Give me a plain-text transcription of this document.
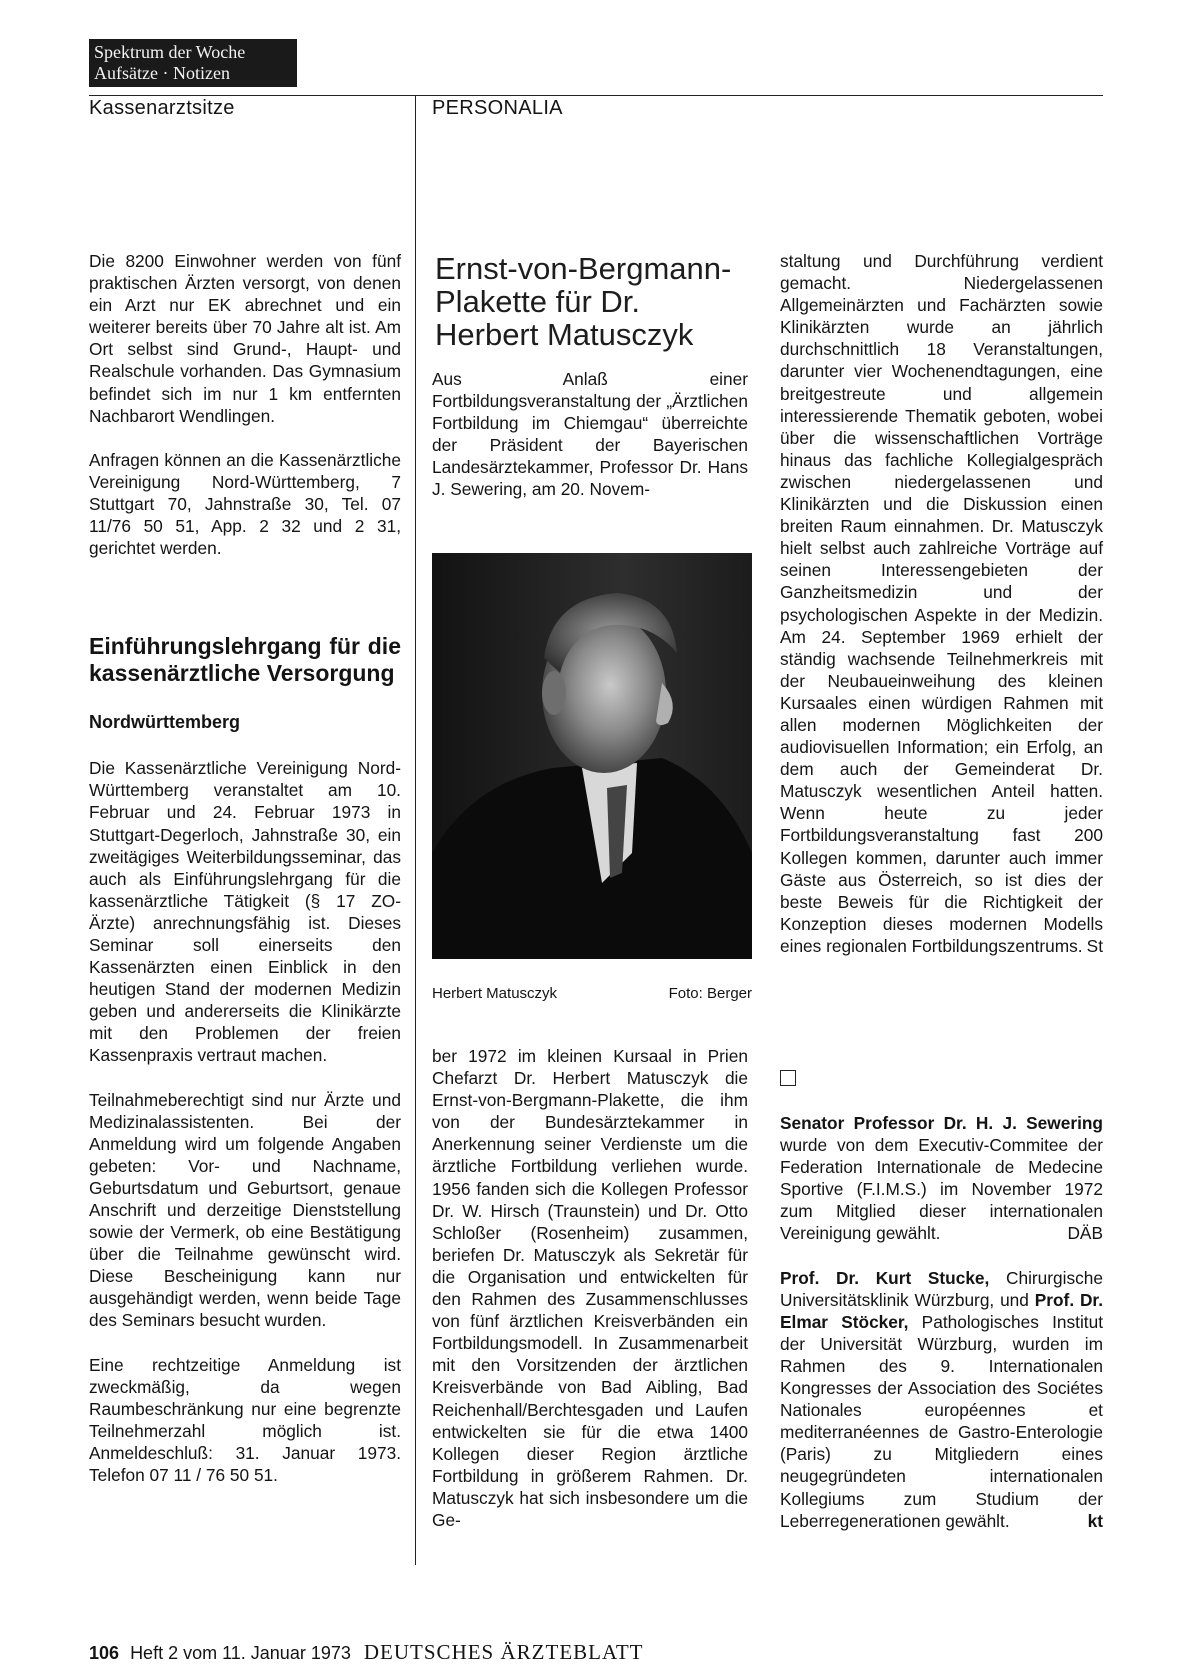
Spektrum der Woche
Aufsätze · Notizen
Kassenarztsitze	PERSONALIA

Die 8200 Einwohner werden von fünf praktischen Ärzten versorgt, von denen ein Arzt nur EK abrechnet und ein weiterer bereits über 70 Jahre alt ist. Am Ort selbst sind Grund-, Haupt- und Realschule vorhanden. Das Gymnasium befindet sich im nur 1 km entfernten Nachbarort Wendlingen.

Anfragen können an die Kassenärztliche Vereinigung Nord-Württemberg, 7 Stuttgart 70, Jahnstraße 30, Tel. 07 11/76 50 51, App. 2 32 und 2 31, gerichtet werden.

Einführungslehrgang für die kassenärztliche Versorgung
Nordwürttemberg

Die Kassenärztliche Vereinigung Nord-Württemberg veranstaltet am 10. Februar und 24. Februar 1973 in Stuttgart-Degerloch, Jahnstraße 30, ein zweitägiges Weiterbildungsseminar, das auch als Einführungslehrgang für die kassenärztliche Tätigkeit (§ 17 ZO-Ärzte) anrechnungsfähig ist. Dieses Seminar soll einerseits den Kassenärzten einen Einblick in den heutigen Stand der modernen Medizin geben und andererseits die Klinikärzte mit den Problemen der freien Kassenpraxis vertraut machen.

Teilnahmeberechtigt sind nur Ärzte und Medizinalassistenten. Bei der Anmeldung wird um folgende Angaben gebeten: Vor- und Nachname, Geburtsdatum und Geburtsort, genaue Anschrift und derzeitige Dienststellung sowie der Vermerk, ob eine Bestätigung über die Teilnahme gewünscht wird. Diese Bescheinigung kann nur ausgehändigt werden, wenn beide Tage des Seminars besucht wurden.

Eine rechtzeitige Anmeldung ist zweckmäßig, da wegen Raumbeschränkung nur eine begrenzte Teilnehmerzahl möglich ist. Anmeldeschluß: 31. Januar 1973. Telefon 07 11 / 76 50 51.

Ernst-von-Bergmann-Plakette für Dr. Herbert Matusczyk
Aus Anlaß einer Fortbildungsveranstaltung der „Ärztlichen Fortbildung im Chiemgau“ überreichte der Präsident der Bayerischen Landesärztekammer, Professor Dr. Hans J. Sewering, am 20. Novem-
Herbert Matusczyk	Foto: Berger
ber 1972 im kleinen Kursaal in Prien Chefarzt Dr. Herbert Matusczyk die Ernst-von-Bergmann-Plakette, die ihm von der Bundesärztekammer in Anerkennung seiner Verdienste um die ärztliche Fortbildung verliehen wurde. 1956 fanden sich die Kollegen Professor Dr. W. Hirsch (Traunstein) und Dr. Otto Schloßer (Rosenheim) zusammen, beriefen Dr. Matusczyk als Sekretär für die Organisation und entwickelten für den Rahmen des Zusammenschlusses von fünf ärztlichen Kreisverbänden ein Fortbildungsmodell. In Zusammenarbeit mit den Vorsitzenden der ärztlichen Kreisverbände von Bad Aibling, Bad Reichenhall/Berchtesgaden und Laufen entwickelten sie für die etwa 1400 Kollegen dieser Region ärztliche Fortbildung in größerem Rahmen. Dr. Matusczyk hat sich insbesondere um die Ge-
staltung und Durchführung verdient gemacht. Niedergelassenen Allgemeinärzten und Fachärzten sowie Klinikärzten wurde an jährlich durchschnittlich 18 Veranstaltungen, darunter vier Wochenendtagungen, eine breitgestreute und allgemein interessierende Thematik geboten, wobei über die wissenschaftlichen Vorträge hinaus das fachliche Kollegialgespräch zwischen niedergelassenen und Klinikärzten und die Diskussion einen breiten Raum einnahmen. Dr. Matusczyk hielt selbst auch zahlreiche Vorträge auf seinen Interessengebieten der Ganzheitsmedizin und der psychologischen Aspekte in der Medizin. Am 24. September 1969 erhielt der ständig wachsende Teilnehmerkreis mit der Neubaueinweihung des kleinen Kursaales einen würdigen Rahmen mit allen modernen Möglichkeiten der audiovisuellen Information; ein Erfolg, an dem auch der Gemeinderat Dr. Matusczyk wesentlichen Anteil hatten. Wenn heute zu jeder Fortbildungsveranstaltung fast 200 Kollegen kommen, darunter auch immer Gäste aus Österreich, so ist dies der beste Beweis für die Richtigkeit der Konzeption dieses modernen Modells eines regionalen Fortbildungszentrums. St

Senator Professor Dr. H. J. Sewering wurde von dem Executiv-Commitee der Federation Internationale de Medecine Sportive (F.I.M.S.) im November 1972 zum Mitglied dieser internationalen Vereinigung gewählt.	DÄB

Prof. Dr. Kurt Stucke, Chirurgische Universitätsklinik Würzburg, und Prof. Dr. Elmar Stöcker, Pathologisches Institut der Universität Würzburg, wurden im Rahmen des 9. Internationalen Kongresses der Association des Sociétes Nationales européennes et mediterranéennes de Gastro-Enterologie (Paris) zu Mitgliedern eines neugegründeten internationalen Kollegiums zum Studium der Leberregenerationen gewählt.	kt

106 Heft 2 vom 11. Januar 1973 DEUTSCHES ÄRZTEBLATT
